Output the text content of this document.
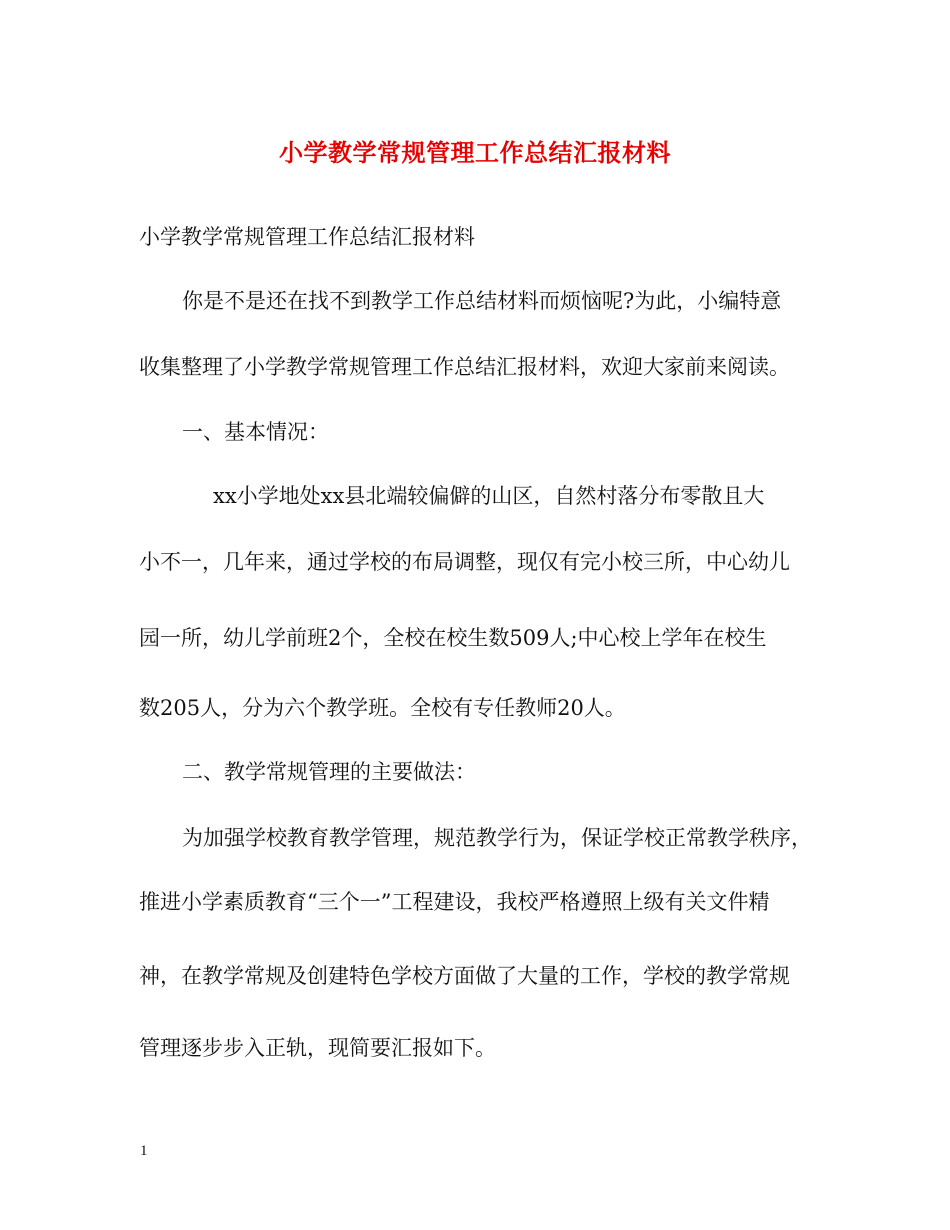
小学教学常规管理工作总结汇报材料

小学教学常规管理工作总结汇报材料

你是不是还在找不到教学工作总结材料而烦恼呢?为此，小编特意

收集整理了小学教学常规管理工作总结汇报材料，欢迎大家前来阅读。

一、基本情况：

xx小学地处xx县北端较偏僻的山区，自然村落分布零散且大

小不一，几年来，通过学校的布局调整，现仅有完小校三所，中心幼儿

园一所，幼儿学前班2个，全校在校生数509人;中心校上学年在校生

数205人，分为六个教学班。全校有专任教师20人。

二、教学常规管理的主要做法：

为加强学校教育教学管理，规范教学行为，保证学校正常教学秩序，

推进小学素质教育“三个一”工程建设，我校严格遵照上级有关文件精

神，在教学常规及创建特色学校方面做了大量的工作，学校的教学常规

管理逐步步入正轨，现简要汇报如下。

1
